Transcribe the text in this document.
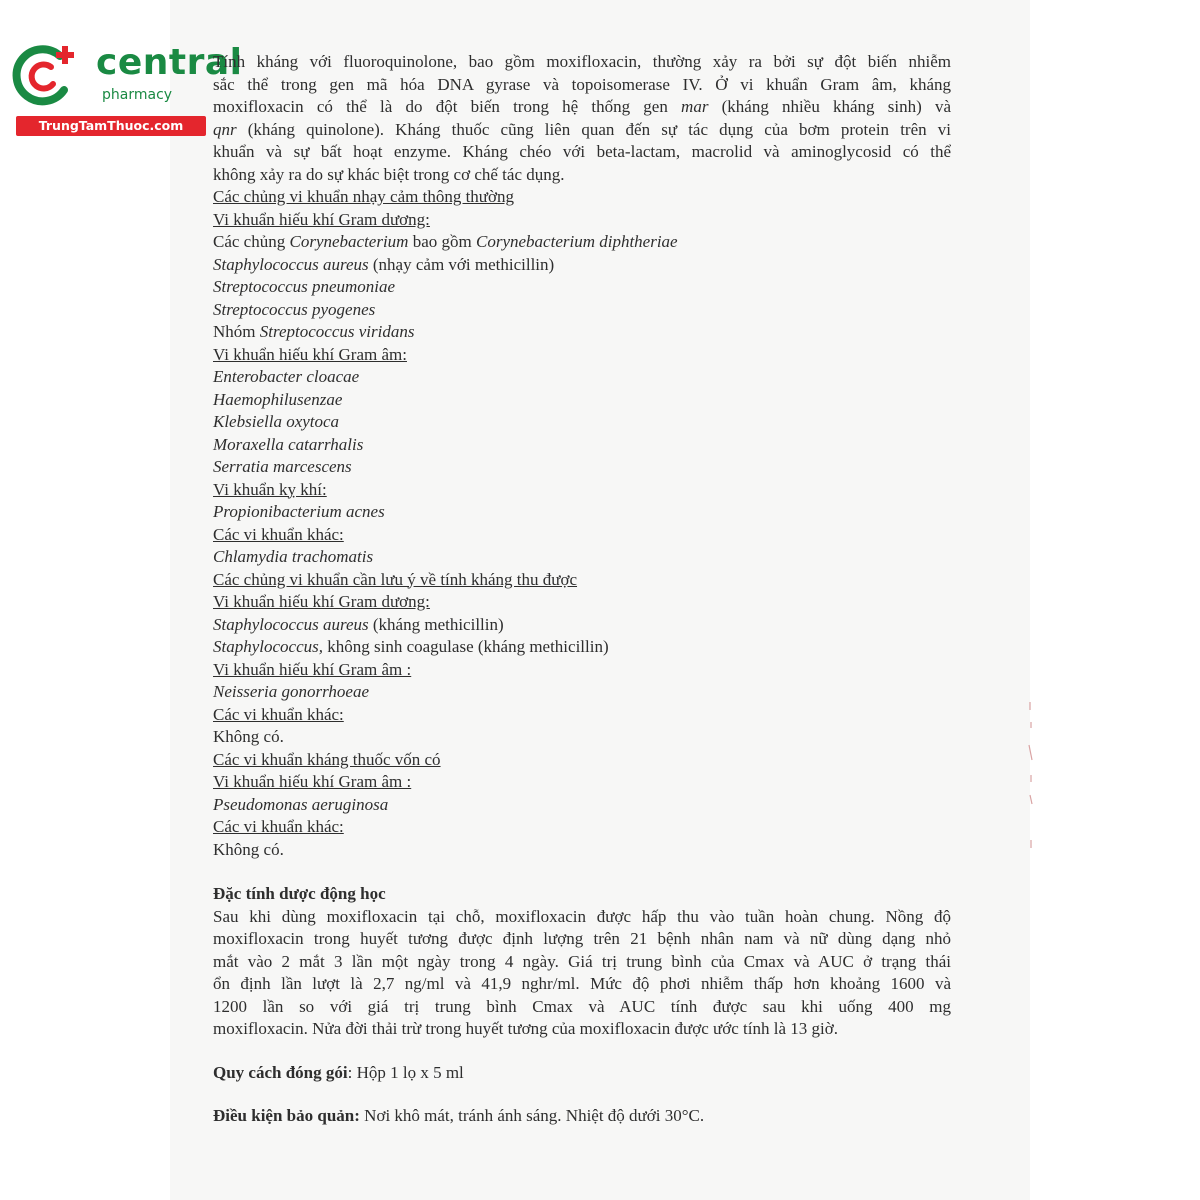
central
pharmacy
TrungTamThuoc.com

Tính kháng với fluoroquinolone, bao gồm moxifloxacin, thường xảy ra bởi sự đột biến nhiễm

sắc thể trong gen mã hóa DNA gyrase và topoisomerase IV. Ở vi khuẩn Gram âm, kháng

moxifloxacin có thể là do đột biến trong hệ thống gen mar (kháng nhiều kháng sinh) và

qnr (kháng quinolone). Kháng thuốc cũng liên quan đến sự tác dụng của bơm protein trên vi

khuẩn và sự bất hoạt enzyme. Kháng chéo với beta-lactam, macrolid và aminoglycosid có thể

không xảy ra do sự khác biệt trong cơ chế tác dụng.

Các chủng vi khuẩn nhạy cảm thông thường

Vi khuẩn hiếu khí Gram dương:

Các chủng Corynebacterium bao gồm Corynebacterium diphtheriae

Staphylococcus aureus (nhạy cảm với methicillin)

Streptococcus pneumoniae

Streptococcus pyogenes

Nhóm Streptococcus viridans

Vi khuẩn hiếu khí Gram âm:

Enterobacter cloacae

Haemophilusenzae

Klebsiella oxytoca

Moraxella catarrhalis

Serratia marcescens

Vi khuẩn kỵ khí:

Propionibacterium acnes

Các vi khuẩn khác:

Chlamydia trachomatis

Các chủng vi khuẩn cần lưu ý về tính kháng thu được

Vi khuẩn hiếu khí Gram dương:

Staphylococcus aureus (kháng methicillin)

Staphylococcus, không sinh coagulase (kháng methicillin)

Vi khuẩn hiếu khí Gram âm :

Neisseria gonorrhoeae

Các vi khuẩn khác:

Không có.

Các vi khuẩn kháng thuốc vốn có

Vi khuẩn hiếu khí Gram âm :

Pseudomonas aeruginosa

Các vi khuẩn khác:

Không có.

Đặc tính dược động học

Sau khi dùng moxifloxacin tại chỗ, moxifloxacin được hấp thu vào tuần hoàn chung. Nồng độ

moxifloxacin trong huyết tương được định lượng trên 21 bệnh nhân nam và nữ dùng dạng nhỏ

mắt vào 2 mắt 3 lần một ngày trong 4 ngày. Giá trị trung bình của Cmax và AUC ở trạng thái

ổn định lần lượt là 2,7 ng/ml và 41,9 nghr/ml. Mức độ phơi nhiễm thấp hơn khoảng 1600 và

1200 lần so với giá trị trung bình Cmax và AUC tính được sau khi uống 400 mg

moxifloxacin. Nửa đời thải trừ trong huyết tương của moxifloxacin được ước tính là 13 giờ.

Quy cách đóng gói: Hộp 1 lọ x 5 ml

Điều kiện bảo quản: Nơi khô mát, tránh ánh sáng. Nhiệt độ dưới 30°C.
